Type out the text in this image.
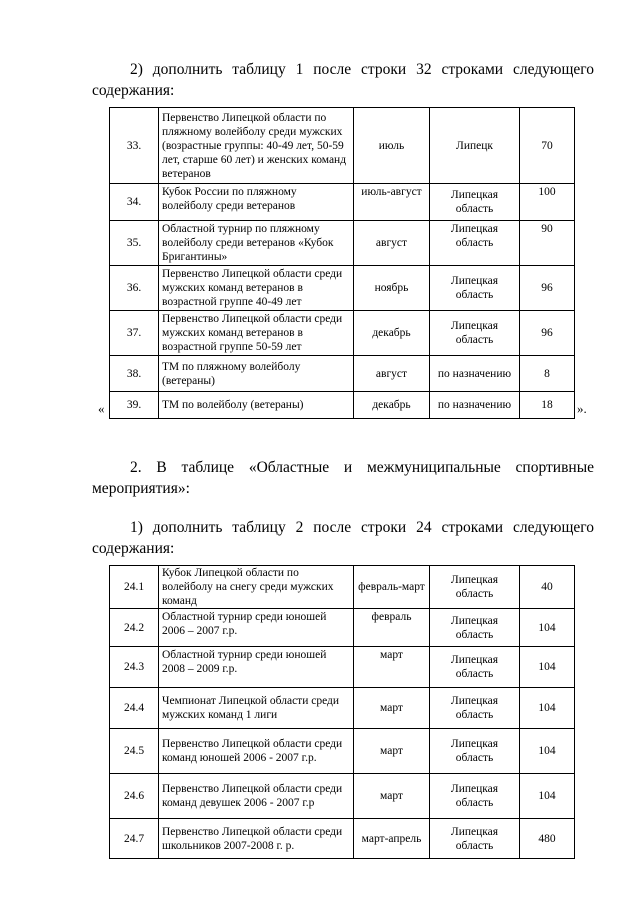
2) дополнить таблицу 1 после строки 32 строками следующего
содержания:
«	».
33.	Первенство Липецкой области по пляжному волейболу среди мужских (возрастные группы: 40-49 лет, 50-59 лет, старше 60 лет) и женских команд ветеранов	июль	Липецк	70
34.	Кубок России по пляжному волейболу среди ветеранов	июль-август	Липецкая область	100
35.	Областной турнир по пляжному волейболу среди ветеранов «Кубок Бригантины»	август	Липецкая область	90
36.	Первенство Липецкой области среди мужских команд ветеранов в возрастной группе 40-49 лет	ноябрь	Липецкая область	96
37.	Первенство Липецкой области среди мужских команд ветеранов в возрастной группе 50-59 лет	декабрь	Липецкая область	96
38.	ТМ по пляжному волейболу (ветераны)	август	по назначению	8
39.	ТМ по волейболу (ветераны)	декабрь	по назначению	18
2. В таблице «Областные и межмуниципальные спортивные
мероприятия»:
1) дополнить таблицу 2 после строки 24 строками следующего
содержания:
24.1	Кубок Липецкой области по волейболу на снегу среди мужских команд	февраль-март	Липецкая область	40
24.2	Областной турнир среди юношей 2006 – 2007 г.р.	февраль	Липецкая область	104
24.3	Областной турнир среди юношей 2008 – 2009 г.р.	март	Липецкая область	104
24.4	Чемпионат Липецкой области среди мужских команд 1 лиги	март	Липецкая область	104
24.5	Первенство Липецкой области среди команд юношей 2006 - 2007 г.р.	март	Липецкая область	104
24.6	Первенство Липецкой области среди команд девушек 2006 - 2007 г.р	март	Липецкая область	104
24.7	Первенство Липецкой области среди школьников 2007-2008 г. р.	март-апрель	Липецкая область	480
